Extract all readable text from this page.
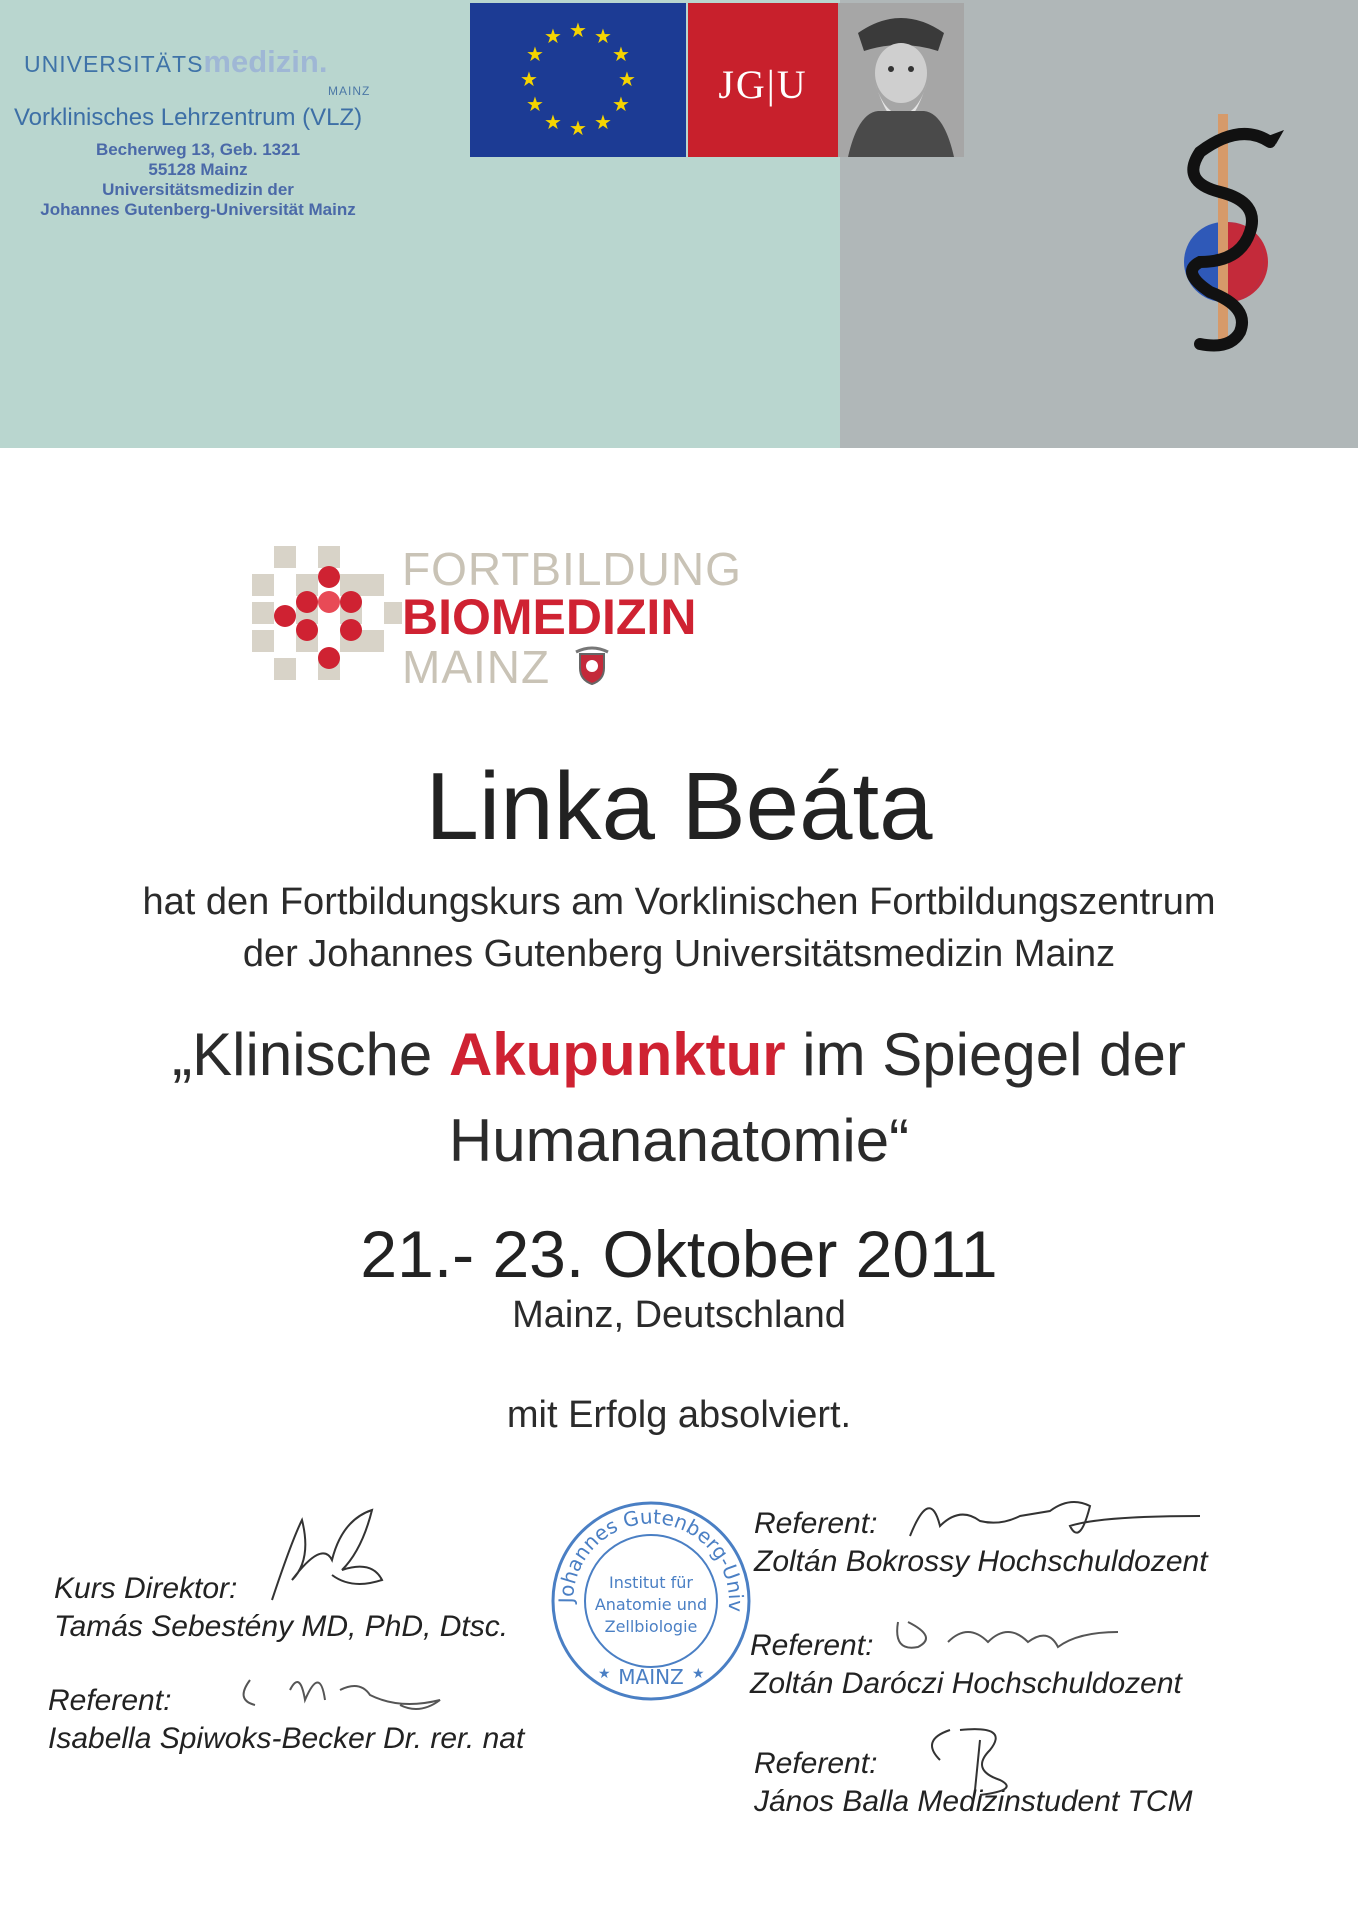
UNIVERSITÄTSmedizin.
MAINZ
Vorklinisches Lehrzentrum (VLZ)
Becherweg 13, Geb. 1321
55128 Mainz
Universitätsmedizin der
Johannes Gutenberg-Universität Mainz
★ ★
★
★
★
★
★
★
★
★
★
★
JG|U
FORTBILDUNG
BIOMEDIZIN
MAINZ
Linka Beáta
hat den Fortbildungskurs am Vorklinischen Fortbildungszentrum
der Johannes Gutenberg Universitätsmedizin Mainz
„Klinische Akupunktur im Spiegel der
Humananatomie“
21.- 23. Oktober 2011
Mainz, Deutschland
mit Erfolg absolviert.
Kurs Direktor:
Tamás Sebestény MD, PhD, Dtsc.
Referent:
Isabella Spiwoks-Becker Dr. rer. nat
Referent:
Zoltán Bokrossy Hochschuldozent
Referent:
Zoltán Daróczi Hochschuldozent
Referent:
János Balla Medizinstudent TCM
Johannes Gutenberg-Univ
Institut für
Anatomie und
Zellbiologie
MAINZ
★	★
